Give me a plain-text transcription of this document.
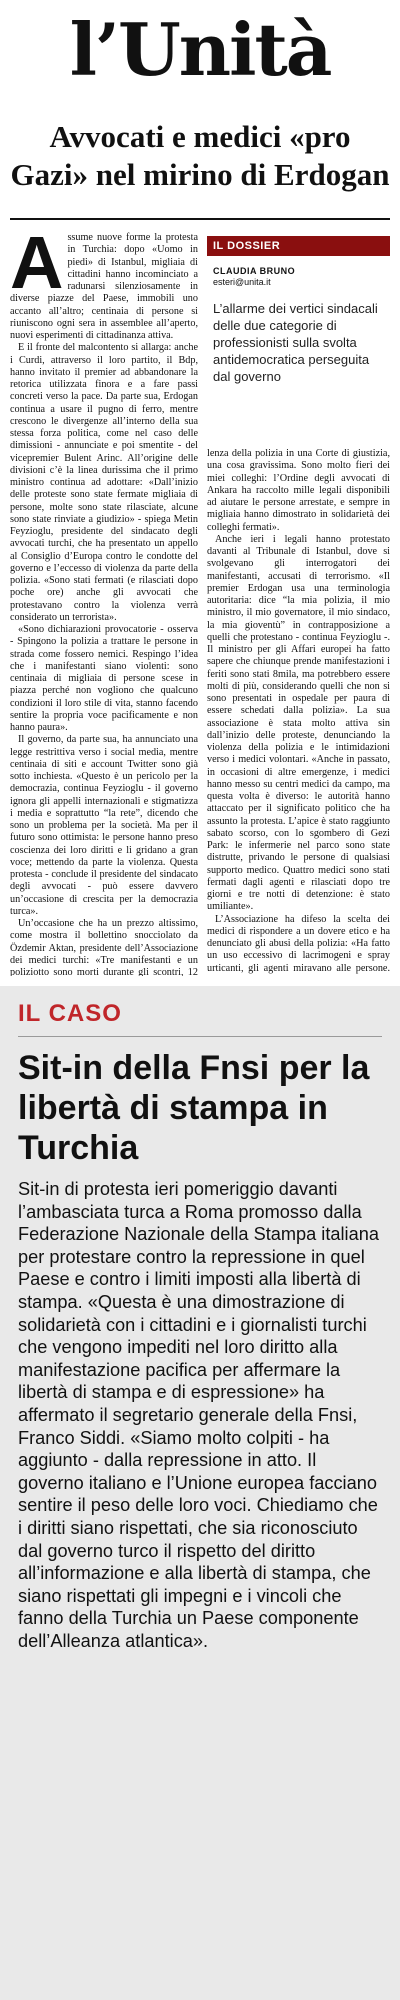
l’Unità
Avvocati e medici «pro Gazi» nel mirino di Erdogan
A ssume nuove forme la protesta in Turchia: dopo «Uomo in piedi» di Istanbul, migliaia di cittadini hanno incominciato a radunarsi silenziosamente in diverse piazze del Paese, immobili uno accanto all’altro; centinaia di persone si riuniscono ogni sera in assemblee all’aperto, nuovi esperimenti di cittadinanza attiva.

E il fronte del malcontento si allarga: anche i Curdi, attraverso il loro partito, il Bdp, hanno invitato il premier ad abbandonare la retorica utilizzata finora e a fare passi concreti verso la pace. Da parte sua, Erdogan continua a usare il pugno di ferro, mentre crescono le divergenze all’interno della sua stessa forza politica, come nel caso delle dimissioni - annunciate e poi smentite - del vicepremier Bulent Arinc. All’origine delle divisioni c’è la linea durissima che il primo ministro continua ad adottare: «Dall’inizio delle proteste sono state fermate migliaia di persone, molte sono state rilasciate, alcune sono state rinviate a giudizio» - spiega Metin Feyzioglu, presidente del sindacato degli avvocati turchi, che ha presentato un appello al Consiglio d’Europa contro le condotte del governo e l’eccesso di violenza da parte della polizia. «Sono stati fermati (e rilasciati dopo poche ore) anche gli avvocati che protestavano contro la violenza verrà considerato un terrorista».

«Sono dichiarazioni provocatorie - osserva - Spingono la polizia a trattare le persone in strada come fossero nemici. Respingo l’idea che i manifestanti siano violenti: sono centinaia di migliaia di persone scese in piazza perché non vogliono che qualcuno condizioni il loro stile di vita, stanno facendo sentire la propria voce pacificamente e non hanno paura».

Il governo, da parte sua, ha annunciato una legge restrittiva verso i social media, mentre centinaia di siti e account Twitter sono già sotto inchiesta. «Questo è un pericolo per la democrazia, continua Feyzioglu - il governo ignora gli appelli internazionali e stigmatizza i media e soprattutto “la rete”, dicendo che sono un problema per la società. Ma per il futuro sono ottimista: le persone hanno preso coscienza dei loro diritti e li gridano a gran voce; mettendo da parte la violenza. Questa protesta - conclude il presidente del sindacato degli avvocati - può essere davvero un’occasione di crescita per la democrazia turca».

Un’occasione che ha un prezzo altissimo, come mostra il bollettino snocciolato da Özdemir Aktan, presidente dell’Associazione dei medici turchi: «Tre manifestanti e un poliziotto sono morti durante gli scontri, 12

IL DOSSIER
CLAUDIA BRUNO
esteri@unita.it
L’allarme dei vertici sindacali delle due categorie di professionisti sulla svolta antidemocratica perseguita dal governo

lenza della polizia in una Corte di giustizia, una cosa gravissima. Sono molto fieri dei miei colleghi: l’Ordine degli avvocati di Ankara ha raccolto mille legali disponibili ad aiutare le persone arrestate, e sempre in migliaia hanno dimostrato in solidarietà dei colleghi fermati».

Anche ieri i legali hanno protestato davanti al Tribunale di Istanbul, dove si svolgevano gli interrogatori dei manifestanti, accusati di terrorismo. «Il premier Erdogan usa una terminologia autoritaria: dice “la mia polizia, il mio ministro, il mio governatore, il mio sindaco, la mia gioventù” in contrapposizione a quelli che protestano - continua Feyzioglu -. Il ministro per gli Affari europei ha fatto sapere che chiunque prende manifestazioni i feriti sono stati 8mila, ma potrebbero essere molti di più, considerando quelli che non si sono presentati in ospedale per paura di essere schedati dalla polizia». La sua associazione è stata molto attiva sin dall’inizio delle proteste, denunciando la violenza della polizia e le intimidazioni verso i medici volontari. «Anche in passato, in occasioni di altre emergenze, i medici hanno messo su centri medici da campo, ma questa volta è diverso: le autorità hanno attaccato per il significato politico che ha assunto la protesta. L’apice è stato raggiunto sabato scorso, con lo sgombero di Gezi Park: le infermerie nel parco sono state distrutte, privando le persone di qualsiasi supporto medico. Quattro medici sono stati fermati dagli agenti e rilasciati dopo tre giorni e tre notti di detenzione: è stato umiliante».

L’Associazione ha difeso la scelta dei medici di rispondere a un dovere etico e ha denunciato gli abusi della polizia: «Ha fatto un uso eccessivo di lacrimogeni e spray urticanti, gli agenti miravano alle persone.

IL CASO
Sit-in della Fnsi per la libertà di stampa in Turchia
Sit-in di protesta ieri pomeriggio davanti l’ambasciata turca a Roma promosso dalla Federazione Nazionale della Stampa italiana per protestare contro la repressione in quel Paese e contro i limiti imposti alla libertà di stampa. «Questa è una dimostrazione di solidarietà con i cittadini e i giornalisti turchi che vengono impediti nel loro diritto alla manifestazione pacifica per affermare la libertà di stampa e di espressione» ha affermato il segretario generale della Fnsi, Franco Siddi. «Siamo molto colpiti - ha aggiunto - dalla repressione in atto. Il governo italiano e l’Unione europea facciano sentire il peso delle loro voci. Chiediamo che i diritti siano rispettati, che sia riconosciuto dal governo turco il rispetto del diritto all’informazione e alla libertà di stampa, che siano rispettati gli impegni e i vincoli che fanno della Turchia un Paese componente dell’Alleanza atlantica».
